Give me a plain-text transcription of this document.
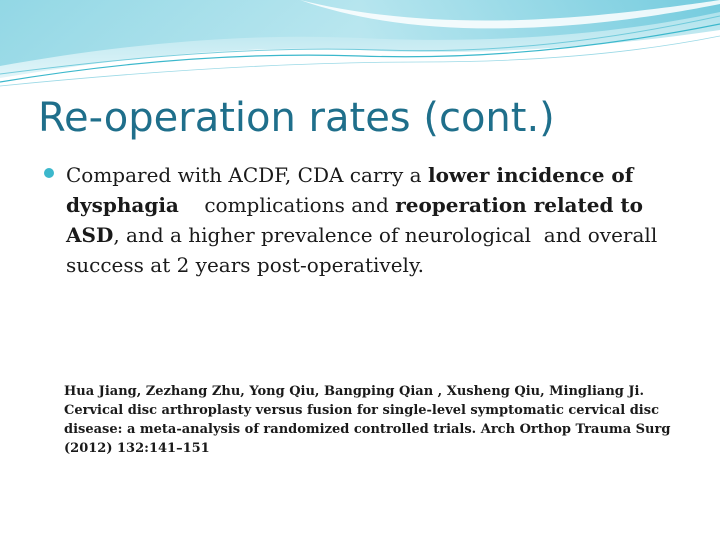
Re-operation rates (cont.)
Compared with ACDF, CDA carry a lower incidence of dysphagia    complications and reoperation related to ASD, and a higher prevalence of neurological  and overall success at 2 years post-operatively.

Hua Jiang, Zezhang Zhu, Yong Qiu, Bangping Qian , Xusheng Qiu, Mingliang Ji. Cervical disc arthroplasty versus fusion for single-level symptomatic cervical disc disease: a meta-analysis of randomized controlled trials. Arch Orthop Trauma Surg (2012) 132:141–151
